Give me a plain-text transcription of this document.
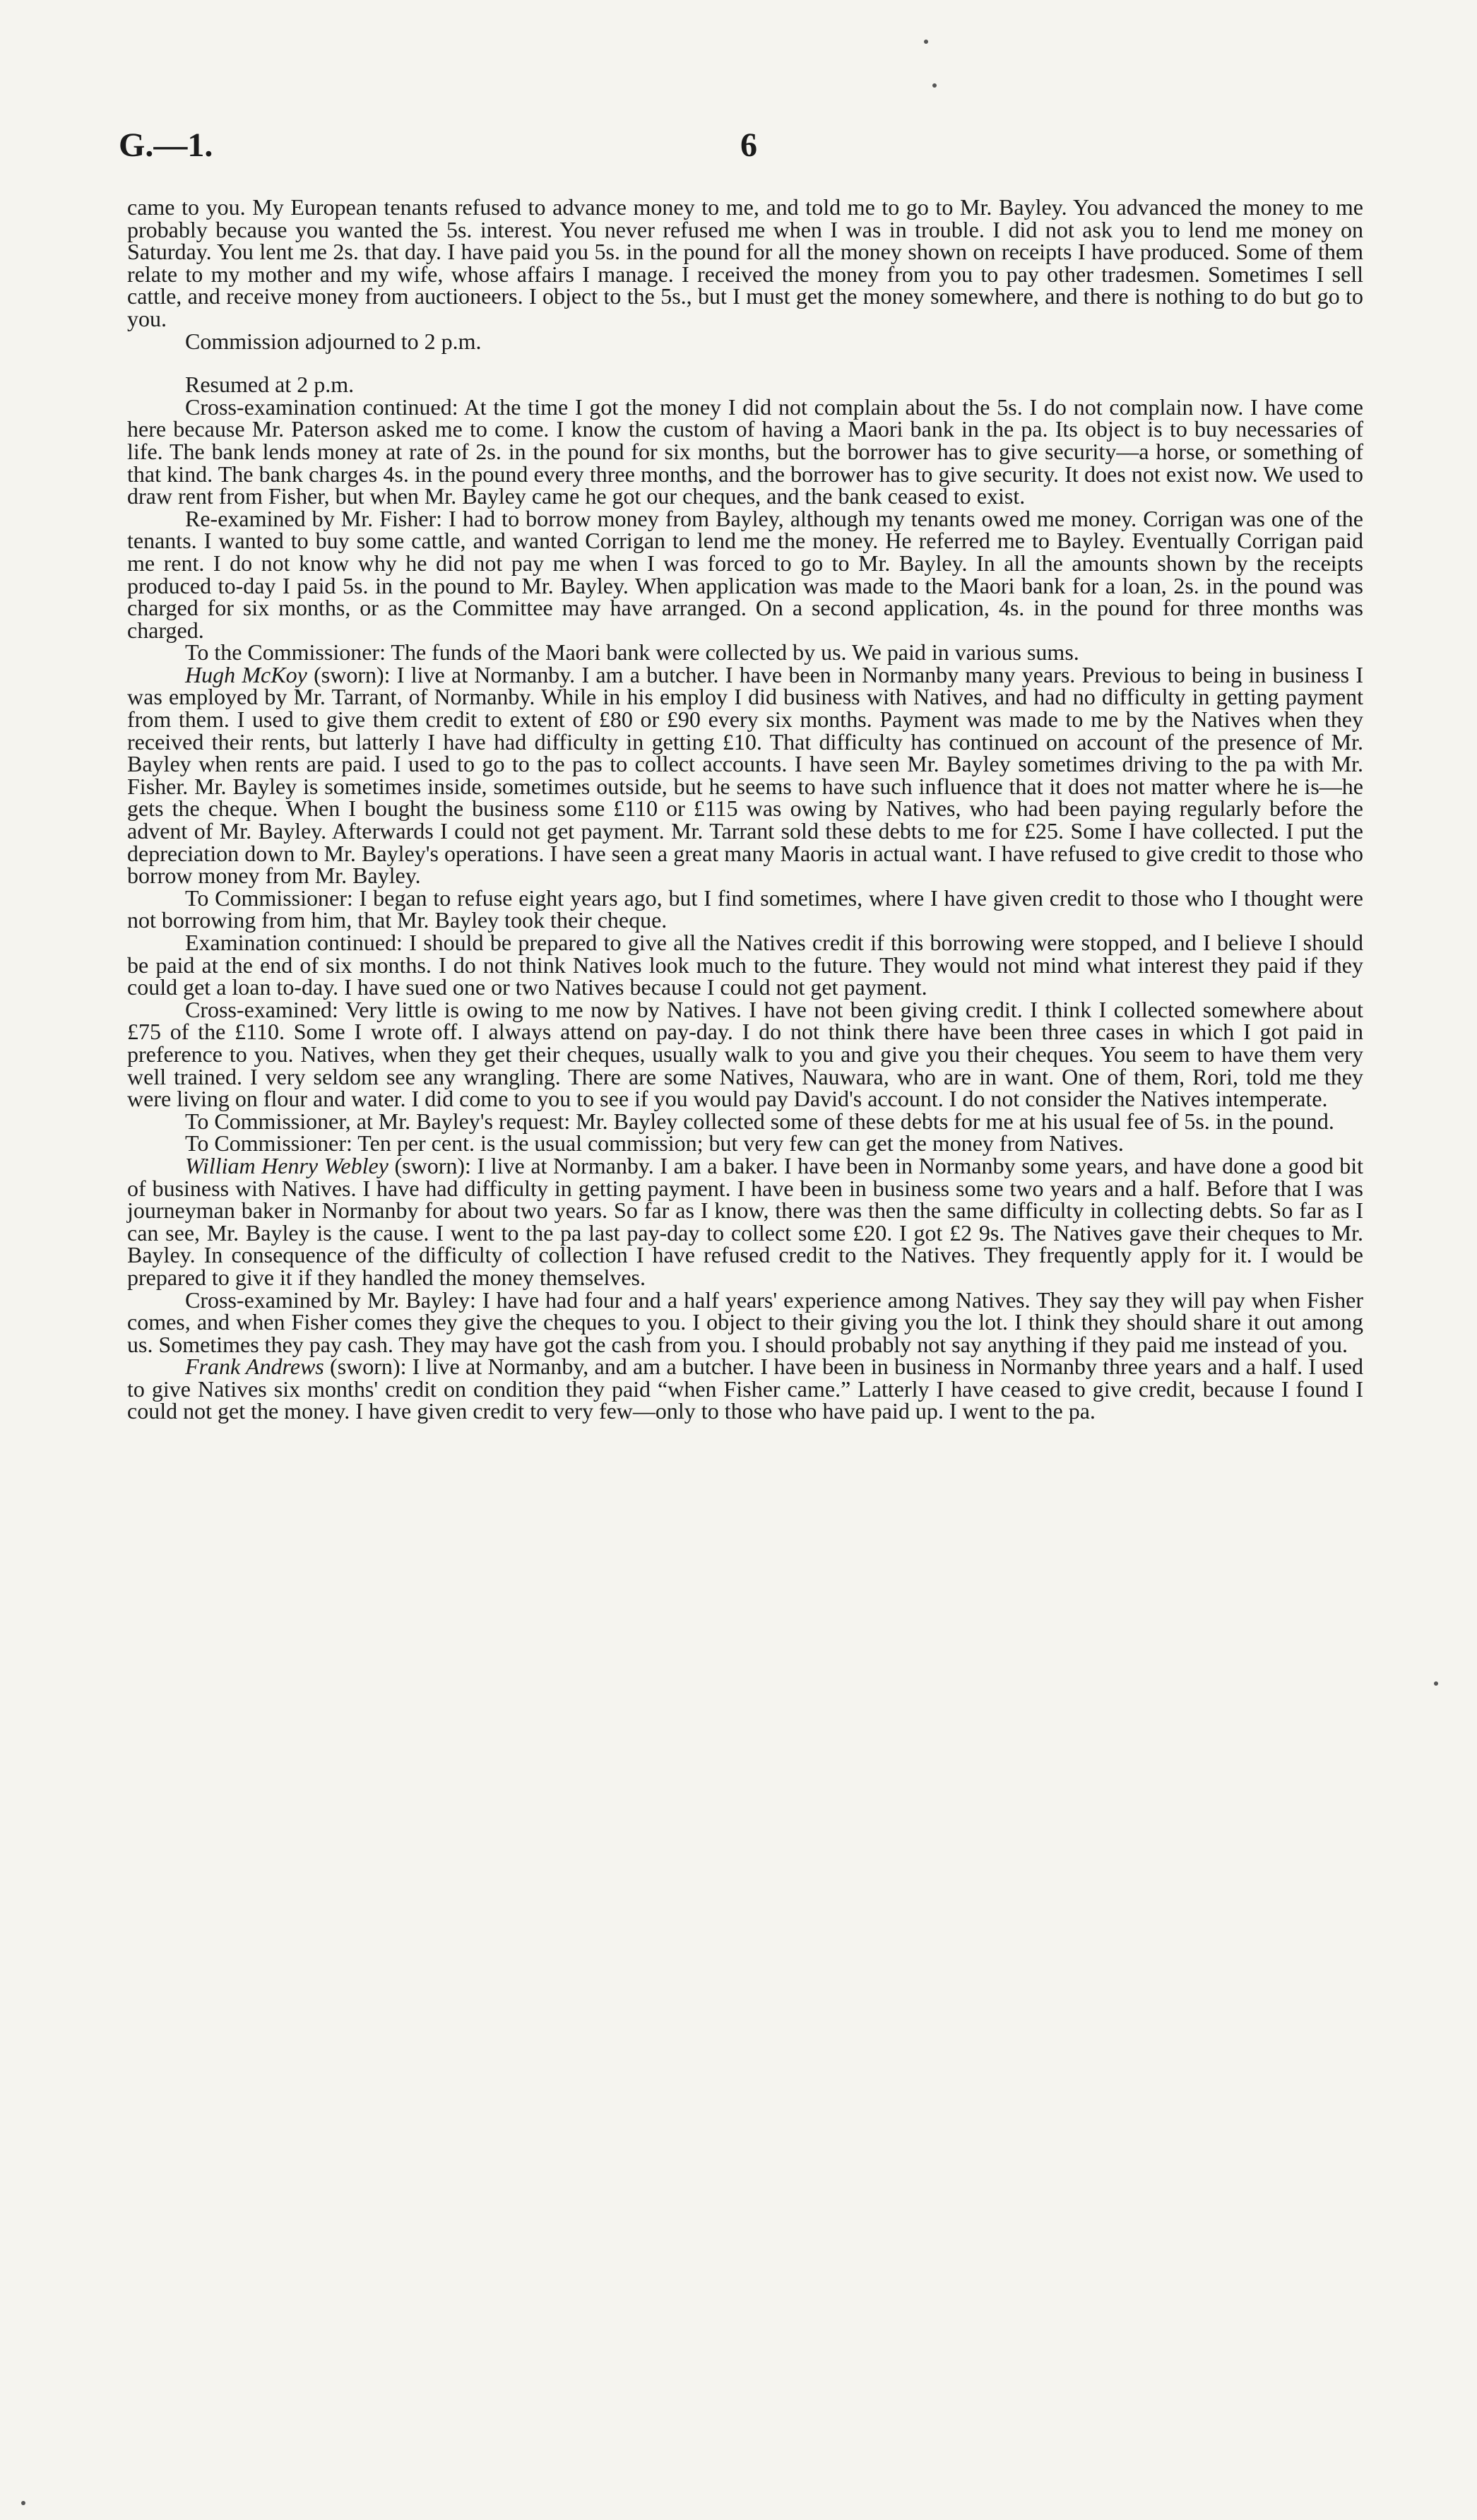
G.—1.	6

came to you. My European tenants refused to advance money to me, and told me to go to Mr. Bayley. You advanced the money to me probably because you wanted the 5s. interest. You never refused me when I was in trouble. I did not ask you to lend me money on Saturday. You lent me 2s. that day. I have paid you 5s. in the pound for all the money shown on receipts I have produced. Some of them relate to my mother and my wife, whose affairs I manage. I received the money from you to pay other tradesmen. Sometimes I sell cattle, and receive money from auctioneers. I object to the 5s., but I must get the money somewhere, and there is nothing to do but go to you.

Commission adjourned to 2 p.m.

Resumed at 2 p.m.

Cross-examination continued: At the time I got the money I did not complain about the 5s. I do not complain now. I have come here because Mr. Paterson asked me to come. I know the custom of having a Maori bank in the pa. Its object is to buy necessaries of life. The bank lends money at rate of 2s. in the pound for six months, but the borrower has to give security—a horse, or something of that kind. The bank charges 4s. in the pound every three months, and the borrower has to give security. It does not exist now. We used to draw rent from Fisher, but when Mr. Bayley came he got our cheques, and the bank ceased to exist.

Re-examined by Mr. Fisher: I had to borrow money from Bayley, although my tenants owed me money. Corrigan was one of the tenants. I wanted to buy some cattle, and wanted Corrigan to lend me the money. He referred me to Bayley. Eventually Corrigan paid me rent. I do not know why he did not pay me when I was forced to go to Mr. Bayley. In all the amounts shown by the receipts produced to-day I paid 5s. in the pound to Mr. Bayley. When application was made to the Maori bank for a loan, 2s. in the pound was charged for six months, or as the Committee may have arranged. On a second application, 4s. in the pound for three months was charged.

To the Commissioner: The funds of the Maori bank were collected by us. We paid in various sums.

Hugh McKoy (sworn): I live at Normanby. I am a butcher. I have been in Normanby many years. Previous to being in business I was employed by Mr. Tarrant, of Normanby. While in his employ I did business with Natives, and had no difficulty in getting payment from them. I used to give them credit to extent of £80 or £90 every six months. Payment was made to me by the Natives when they received their rents, but latterly I have had difficulty in getting £10. That difficulty has continued on account of the presence of Mr. Bayley when rents are paid. I used to go to the pas to collect accounts. I have seen Mr. Bayley sometimes driving to the pa with Mr. Fisher. Mr. Bayley is sometimes inside, sometimes outside, but he seems to have such influence that it does not matter where he is—he gets the cheque. When I bought the business some £110 or £115 was owing by Natives, who had been paying regularly before the advent of Mr. Bayley. Afterwards I could not get payment. Mr. Tarrant sold these debts to me for £25. Some I have collected. I put the depreciation down to Mr. Bayley's operations. I have seen a great many Maoris in actual want. I have refused to give credit to those who borrow money from Mr. Bayley.

To Commissioner: I began to refuse eight years ago, but I find sometimes, where I have given credit to those who I thought were not borrowing from him, that Mr. Bayley took their cheque.

Examination continued: I should be prepared to give all the Natives credit if this borrowing were stopped, and I believe I should be paid at the end of six months. I do not think Natives look much to the future. They would not mind what interest they paid if they could get a loan to-day. I have sued one or two Natives because I could not get payment.

Cross-examined: Very little is owing to me now by Natives. I have not been giving credit. I think I collected somewhere about £75 of the £110. Some I wrote off. I always attend on pay-day. I do not think there have been three cases in which I got paid in preference to you. Natives, when they get their cheques, usually walk to you and give you their cheques. You seem to have them very well trained. I very seldom see any wrangling. There are some Natives, Nauwara, who are in want. One of them, Rori, told me they were living on flour and water. I did come to you to see if you would pay David's account. I do not consider the Natives intemperate.

To Commissioner, at Mr. Bayley's request: Mr. Bayley collected some of these debts for me at his usual fee of 5s. in the pound.

To Commissioner: Ten per cent. is the usual commission; but very few can get the money from Natives.

William Henry Webley (sworn): I live at Normanby. I am a baker. I have been in Normanby some years, and have done a good bit of business with Natives. I have had difficulty in getting payment. I have been in business some two years and a half. Before that I was journeyman baker in Normanby for about two years. So far as I know, there was then the same difficulty in collecting debts. So far as I can see, Mr. Bayley is the cause. I went to the pa last pay-day to collect some £20. I got £2 9s. The Natives gave their cheques to Mr. Bayley. In consequence of the difficulty of collection I have refused credit to the Natives. They frequently apply for it. I would be prepared to give it if they handled the money themselves.

Cross-examined by Mr. Bayley: I have had four and a half years' experience among Natives. They say they will pay when Fisher comes, and when Fisher comes they give the cheques to you. I object to their giving you the lot. I think they should share it out among us. Sometimes they pay cash. They may have got the cash from you. I should probably not say anything if they paid me instead of you.

Frank Andrews (sworn): I live at Normanby, and am a butcher. I have been in business in Normanby three years and a half. I used to give Natives six months' credit on condition they paid “when Fisher came.” Latterly I have ceased to give credit, because I found I could not get the money. I have given credit to very few—only to those who have paid up. I went to the pa.
